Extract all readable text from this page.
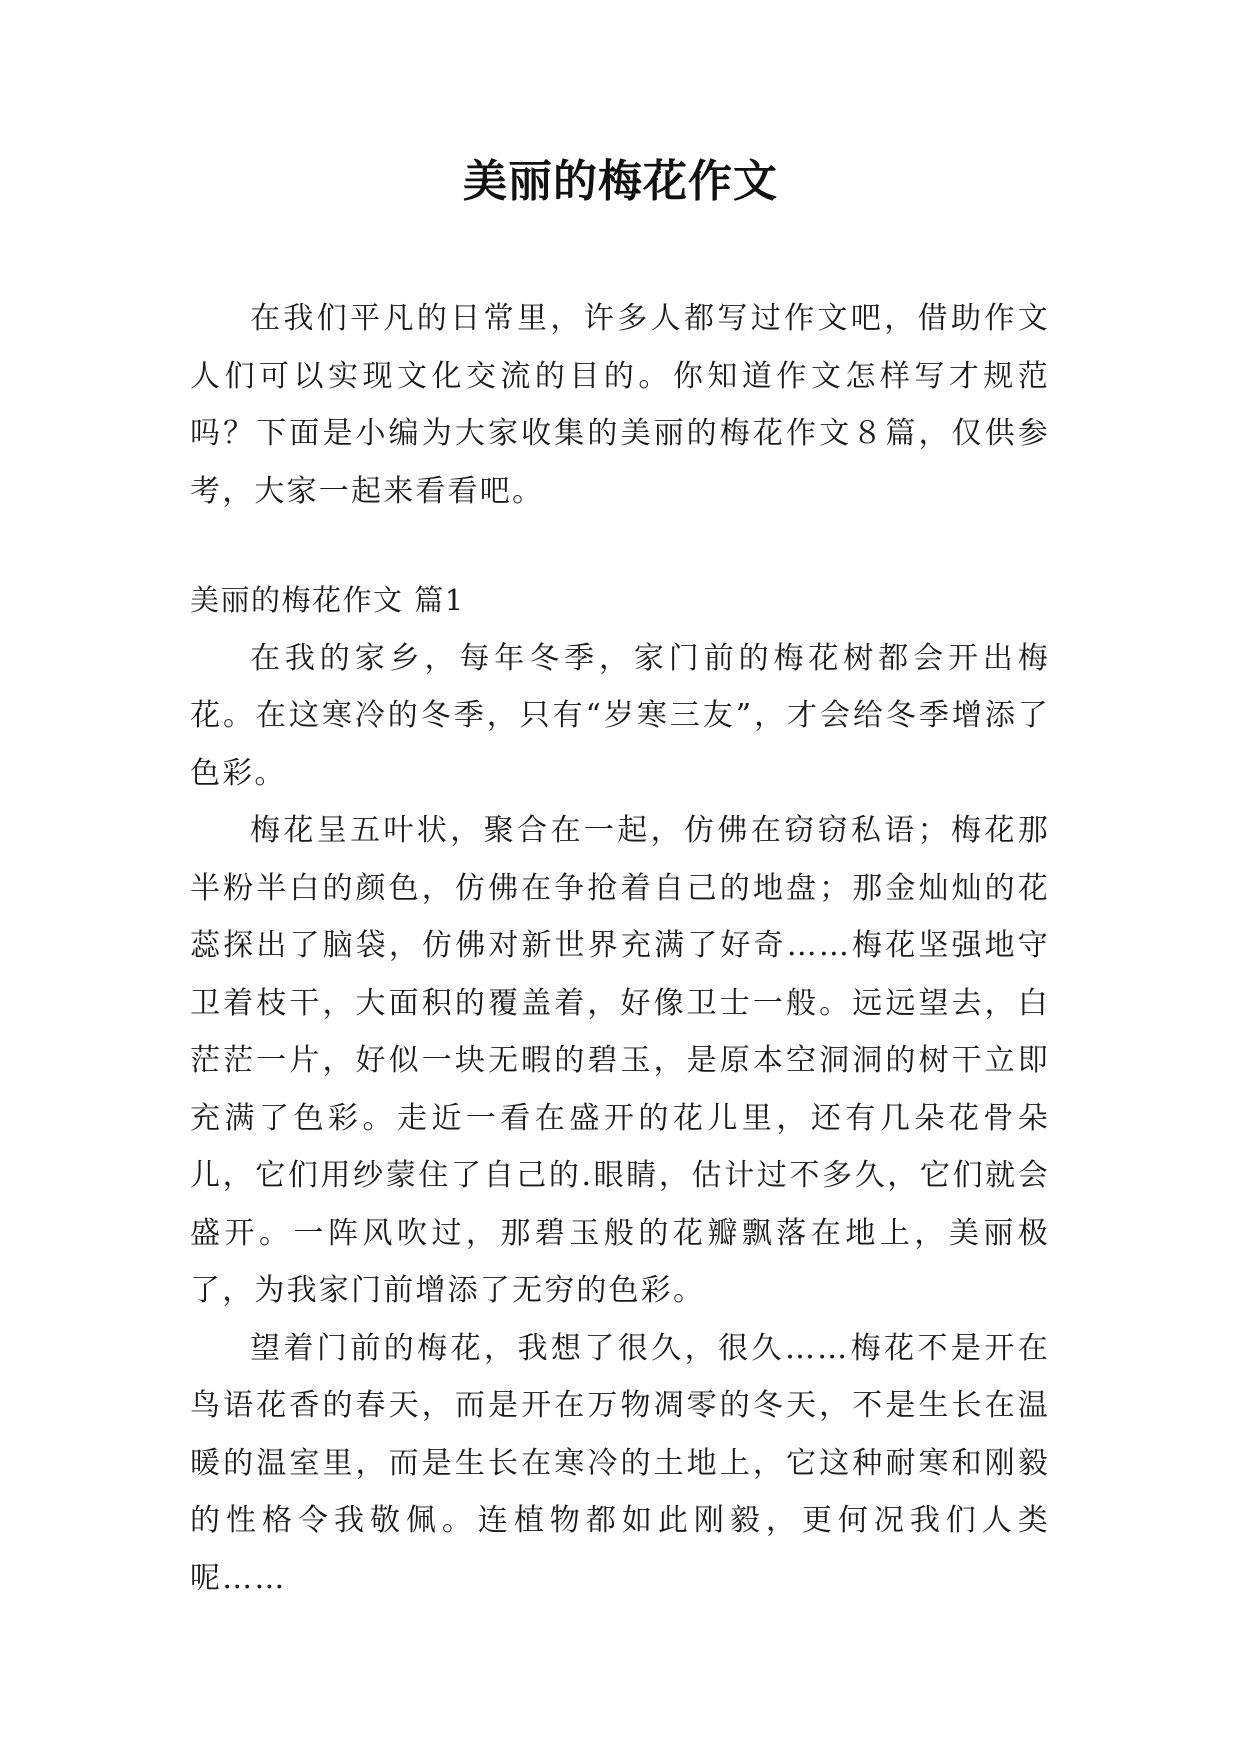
美丽的梅花作文

在我们平凡的日常里，许多人都写过作文吧，借助作文人们可以实现文化交流的目的。你知道作文怎样写才规范吗？下面是小编为大家收集的美丽的梅花作文８篇，仅供参考，大家一起来看看吧。

美丽的梅花作文 篇1

在我的家乡，每年冬季，家门前的梅花树都会开出梅花。在这寒冷的冬季，只有“岁寒三友”，才会给冬季增添了色彩。

梅花呈五叶状，聚合在一起，仿佛在窃窃私语；梅花那半粉半白的颜色，仿佛在争抢着自己的地盘；那金灿灿的花蕊探出了脑袋，仿佛对新世界充满了好奇……梅花坚强地守卫着枝干，大面积的覆盖着，好像卫士一般。远远望去，白茫茫一片，好似一块无暇的碧玉，是原本空洞洞的树干立即充满了色彩。走近一看在盛开的花儿里，还有几朵花骨朵儿，它们用纱蒙住了自己的.眼睛，估计过不多久，它们就会盛开。一阵风吹过，那碧玉般的花瓣飘落在地上，美丽极了，为我家门前增添了无穷的色彩。

望着门前的梅花，我想了很久，很久……梅花不是开在鸟语花香的春天，而是开在万物凋零的冬天，不是生长在温暖的温室里，而是生长在寒冷的土地上，它这种耐寒和刚毅的性格令我敬佩。连植物都如此刚毅，更何况我们人类呢……
